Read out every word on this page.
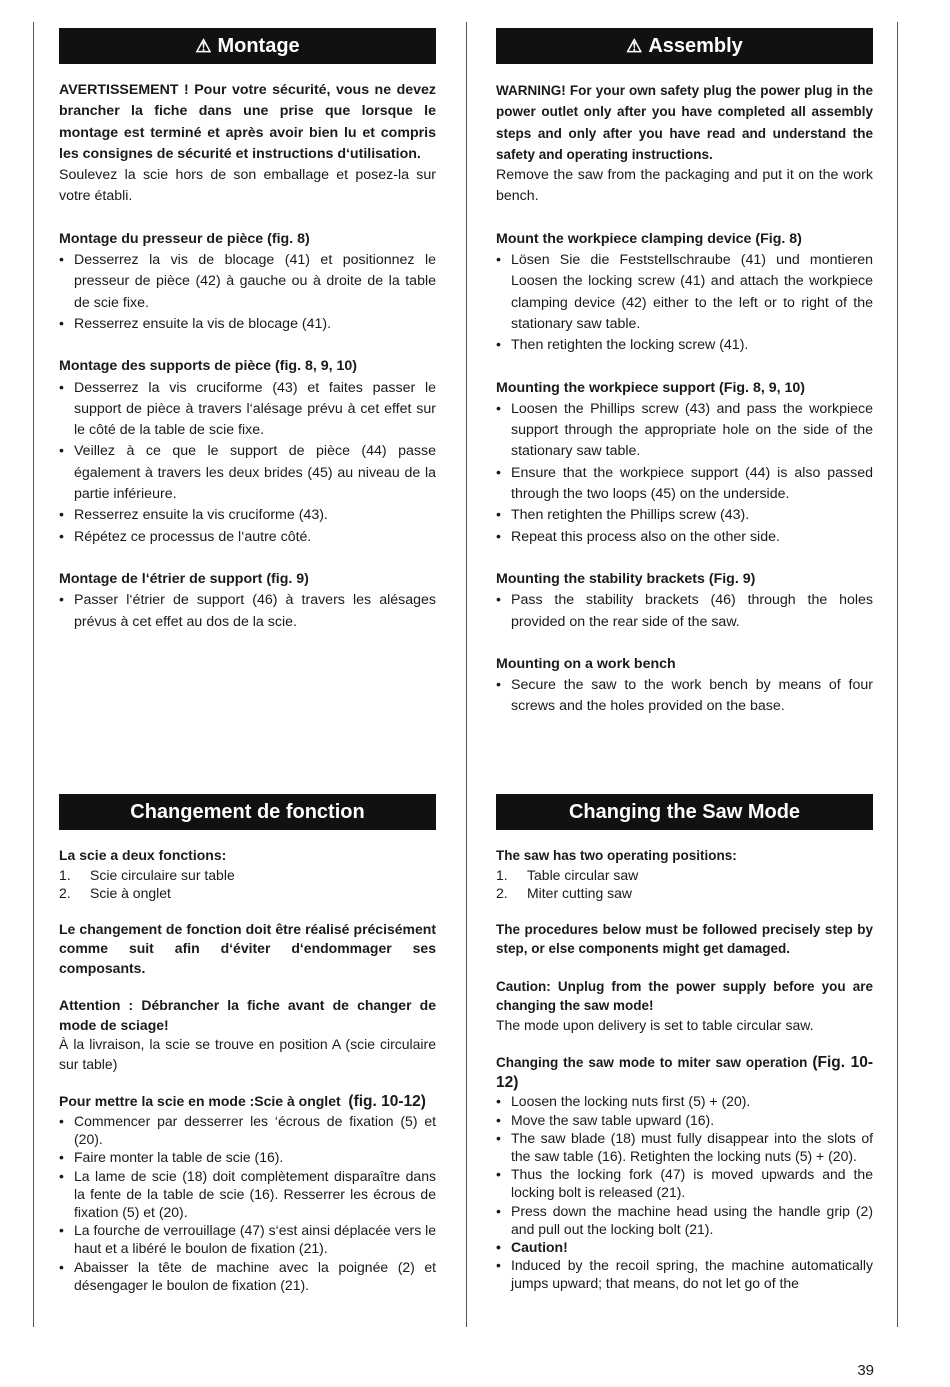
⚠ Montage

AVERTISSEMENT ! Pour votre sécurité, vous ne devez brancher la fiche dans une prise que lorsque le montage est terminé et après avoir bien lu et compris les consignes de sécurité et instructions d‘utilisation.

Soulevez la scie hors de son emballage et posez-la sur votre établi.

Montage du presseur de pièce (fig. 8)

• Desserrez la vis de blocage (41) et positionnez le presseur de pièce (42) à gauche ou à droite de la table de scie fixe.
• Resserrez ensuite la vis de blocage (41).

Montage des supports de pièce (fig. 8, 9, 10)

• Desserrez la vis cruciforme (43) et faites passer le support de pièce à travers l‘alésage prévu à cet effet sur le côté de la table de scie fixe.
• Veillez à ce que le support de pièce (44) passe également à travers les deux brides (45) au niveau de la partie inférieure.
• Resserrez ensuite la vis cruciforme (43).
• Répétez ce processus de l‘autre côté.

Montage de l‘étrier de support (fig. 9)

• Passer l‘étrier de support (46) à travers les alésages prévus à cet effet au dos de la scie.
⚠ Assembly

WARNING! For your own safety plug the power plug in the power outlet only after you have completed all assembly steps and only after you have read and understand the safety and operating instructions.

Remove the saw from the packaging and put it on the work bench.

Mount the workpiece clamping device (Fig. 8)

• Lösen Sie die Feststellschraube (41) und montieren Loosen the locking screw (41) and attach the workpiece clamping device (42) either to the left or to right of the stationary saw table.
• Then retighten the locking screw (41).

Mounting the workpiece support (Fig. 8, 9, 10)

• Loosen the Phillips screw (43) and pass the workpiece support through the appropriate hole on the side of the stationary saw table.
• Ensure that the workpiece support (44) is also passed through the two loops (45) on the underside.
• Then retighten the Phillips screw (43).
• Repeat this process also on the other side.

Mounting the stability brackets (Fig. 9)

• Pass the stability brackets (46) through the holes provided on the rear side of the saw.

Mounting on a work bench

• Secure the saw to the work bench by means of four screws and the holes provided on the base.
Changement de fonction

La scie a deux fonctions:

1. Scie circulaire sur table
2. Scie à onglet

Le changement de fonction doit être réalisé précisément comme suit afin d‘éviter d‘endommager ses composants.

Attention : Débrancher la fiche avant de changer de mode de sciage!

À la livraison, la scie se trouve en position A (scie circulaire sur table)

Pour mettre la scie en mode :Scie à onglet (fig. 10-12)

• Commencer par desserrer les ‘écrous de fixation (5) et (20).
• Faire monter la table de scie (16).
• La lame de scie (18) doit complètement disparaître dans la fente de la table de scie (16). Resserrer les écrous de fixation (5) et (20).
• La fourche de verrouillage (47) s‘est ainsi déplacée vers le haut et a libéré le boulon de fixation (21).
• Abaisser la tête de machine avec la poignée (2) et désengager le boulon de fixation (21).
Changing the Saw Mode

The saw has two operating positions:

1. Table circular saw
2. Miter cutting saw

The procedures below must be followed precisely step by step, or else components might get damaged.

Caution: Unplug from the power supply before you are changing the saw mode!

The mode upon delivery is set to table circular saw.

Changing the saw mode to miter saw operation (Fig. 10-12)

• Loosen the locking nuts first (5) + (20).
• Move the saw table upward (16).
• The saw blade (18) must fully disappear into the slots of the saw table (16). Retighten the locking nuts (5) + (20).
• Thus the locking fork (47) is moved upwards and the locking bolt is released (21).
• Press down the machine head using the handle grip (2) and pull out the locking bolt (21).
• Caution!
• Induced by the recoil spring, the machine automatically jumps upward; that means, do not let go of the
39
